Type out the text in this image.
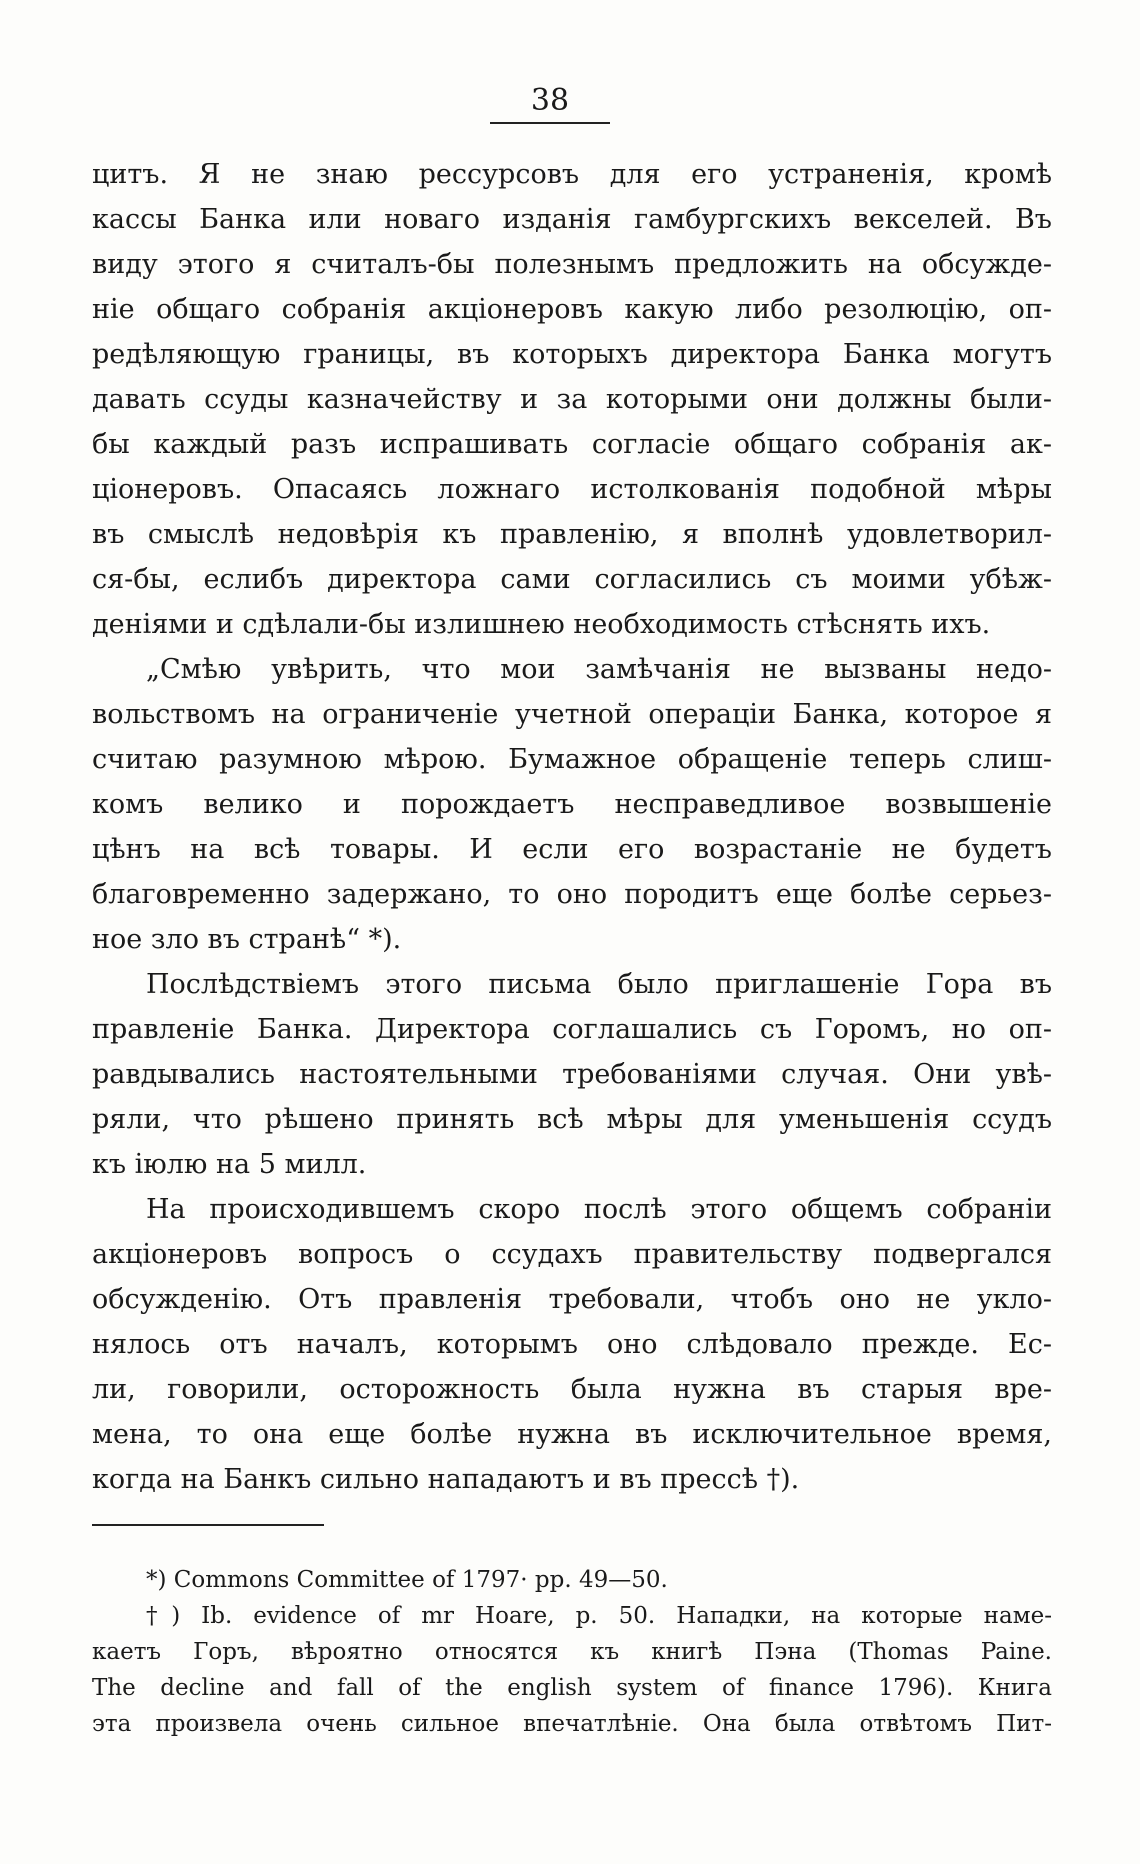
38
цитъ. Я не знаю рессурсовъ для его устраненія, кромѣ
кассы Банка или новаго изданія гамбургскихъ векселей. Въ
виду этого я считалъ-бы полезнымъ предложить на обсужде-
ніе общаго собранія акціонеровъ какую либо резолюцію, оп-
редѣляющую границы, въ которыхъ директора Банка могутъ
давать ссуды казначейству и за которыми они должны были-
бы каждый разъ испрашивать согласіе общаго собранія ак-
ціонеровъ. Опасаясь ложнаго истолкованія подобной мѣры
въ смыслѣ недовѣрія къ правленію, я вполнѣ удовлетворил-
ся-бы, еслибъ директора сами согласились съ моими убѣж-
деніями и сдѣлали-бы излишнею необходимость стѣснять ихъ.
„Смѣю увѣрить, что мои замѣчанія не вызваны недо-
вольствомъ на ограниченіе учетной операціи Банка, которое я
считаю разумною мѣрою. Бумажное обращеніе теперь слиш-
комъ велико и порождаетъ несправедливое возвышеніе
цѣнъ на всѣ товары. И если его возрастаніе не будетъ
благовременно задержано, то оно породитъ еще болѣе серьез-
ное зло въ странѣ“ *).
Послѣдствіемъ этого письма было приглашеніе Гора въ
правленіе Банка. Директора соглашались съ Горомъ, но оп-
равдывались настоятельными требованіями случая. Они увѣ-
ряли, что рѣшено принять всѣ мѣры для уменьшенія ссудъ
къ іюлю на 5 милл.
На происходившемъ скоро послѣ этого общемъ собраніи
акціонеровъ вопросъ о ссудахъ правительству подвергался
обсужденію. Отъ правленія требовали, чтобъ оно не укло-
нялось отъ началъ, которымъ оно слѣдовало прежде. Ес-
ли, говорили, осторожность была нужна въ старыя вре-
мена, то она еще болѣе нужна въ исключительное время,
когда на Банкъ сильно нападаютъ и въ прессѣ †).
*) Commons Committee of 1797· pp. 49—50.
†) Ib. evidence of mr Hoare, p. 50. Нападки, на которые наме-
каетъ Горъ, вѣроятно относятся къ книгѣ Пэна (Thomas Paine.
The decline and fall of the english system of finance 1796). Книга
эта произвела очень сильное впечатлѣніе. Она была отвѣтомъ Пит-
